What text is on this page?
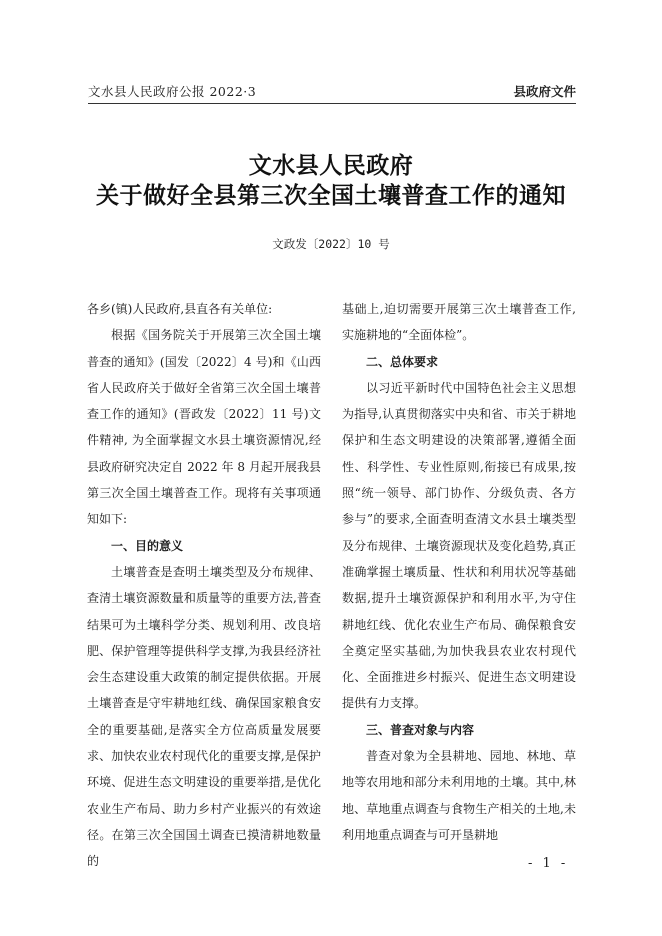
文水县人民政府公报 2022·3	县政府文件
文水县人民政府
关于做好全县第三次全国土壤普查工作的通知
文政发〔2022〕10 号

各乡(镇)人民政府,县直各有关单位:

根据《国务院关于开展第三次全国土壤普查的通知》(国发〔2022〕4 号)和《山西省人民政府关于做好全省第三次全国土壤普查工作的通知》(晋政发〔2022〕11 号)文件精神, 为全面掌握文水县土壤资源情况,经县政府研究决定自 2022 年 8 月起开展我县第三次全国土壤普查工作。现将有关事项通知如下:

一、目的意义

土壤普查是查明土壤类型及分布规律、查清土壤资源数量和质量等的重要方法,普查结果可为土壤科学分类、规划利用、改良培肥、保护管理等提供科学支撑,为我县经济社会生态建设重大政策的制定提供依据。开展土壤普查是守牢耕地红线、确保国家粮食安全的重要基础,是落实全方位高质量发展要求、加快农业农村现代化的重要支撑,是保护环境、促进生态文明建设的重要举措,是优化农业生产布局、助力乡村产业振兴的有效途径。在第三次全国国土调查已摸清耕地数量的

基础上,迫切需要开展第三次土壤普查工作,实施耕地的“全面体检”。

二、总体要求

以习近平新时代中国特色社会主义思想为指导,认真贯彻落实中央和省、市关于耕地保护和生态文明建设的决策部署,遵循全面性、科学性、专业性原则,衔接已有成果,按照“统一领导、部门协作、分级负责、各方参与”的要求,全面查明查清文水县土壤类型及分布规律、土壤资源现状及变化趋势,真正准确掌握土壤质量、性状和利用状况等基础数据,提升土壤资源保护和利用水平,为守住耕地红线、优化农业生产布局、确保粮食安全奠定坚实基础,为加快我县农业农村现代化、全面推进乡村振兴、促进生态文明建设提供有力支撑。

三、普查对象与内容

普查对象为全县耕地、园地、林地、草地等农用地和部分未利用地的土壤。其中,林地、草地重点调查与食物生产相关的土地,未利用地重点调查与可开垦耕地

- 1 -
